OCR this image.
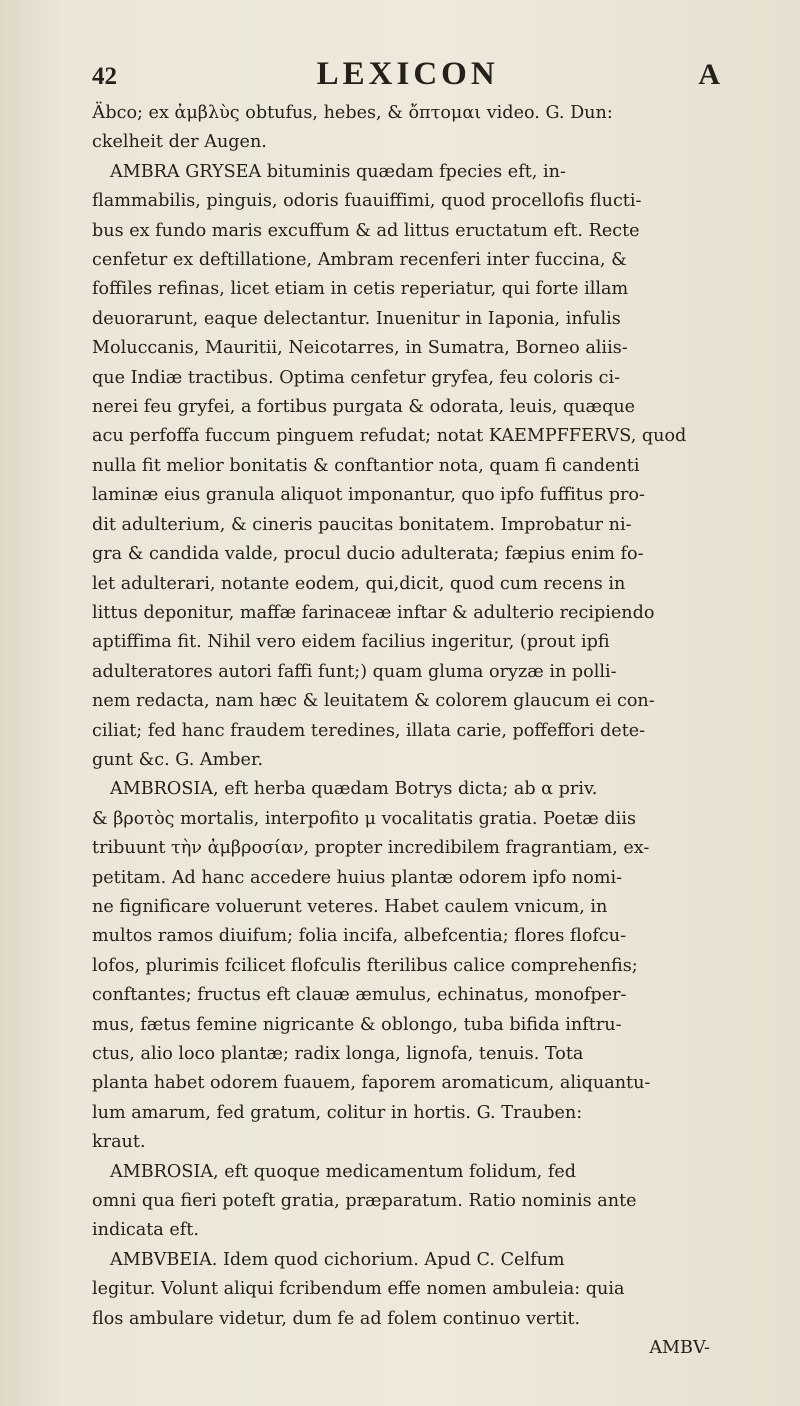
42	LEXICON	A
Ӓbco; ex ἀμβλὺς obtufus, hebes, & ὄπτομαι video. G. Dun:
ckelheit der Augen.
AMBRA GRYSEA bituminis quædam fpecies eft, in-
flammabilis, pinguis, odoris fuauiffimi, quod procellofis flucti-
bus ex fundo maris excuffum & ad littus eructatum eft. Recte
cenfetur ex deftillatione, Ambram recenferi inter fuccina, &
foffiles refinas, licet etiam in cetis reperiatur, qui forte illam
deuorarunt, eaque delectantur. Inuenitur in Iaponia, infulis
Moluccanis, Mauritii, Neicotarres, in Sumatra, Borneo aliis-
que Indiæ tractibus. Optima cenfetur gryfea, feu coloris ci-
nerei feu gryfei, a fortibus purgata & odorata, leuis, quæque
acu perfoffa fuccum pinguem refudat; notat KAEMPFFERVS, quod
nulla fit melior bonitatis & conftantior nota, quam fi candenti
laminæ eius granula aliquot imponantur, quo ipfo fuffitus pro-
dit adulterium, & cineris paucitas bonitatem. Improbatur ni-
gra & candida valde, procul ducio adulterata; fæpius enim fo-
let adulterari, notante eodem, qui,dicit, quod cum recens in
littus deponitur, maffæ farinaceæ inftar & adulterio recipiendo
aptiffima fit. Nihil vero eidem facilius ingeritur, (prout ipfi
adulteratores autori faffi funt;) quam gluma oryzæ in polli-
nem redacta, nam hæc & leuitatem & colorem glaucum ei con-
ciliat; fed hanc fraudem teredines, illata carie, poffeffori dete-
gunt &c. G. Amber.
AMBROSIA, eft herba quædam Botrys dicta; ab α priv.
& βροτὸς mortalis, interpofito μ vocalitatis gratia. Poetæ diis
tribuunt τὴν ἀμβροσίαν, propter incredibilem fragrantiam, ex-
petitam. Ad hanc accedere huius plantæ odorem ipfo nomi-
ne fignificare voluerunt veteres. Habet caulem vnicum, in
multos ramos diuifum; folia incifa, albefcentia; flores flofcu-
lofos, plurimis fcilicet flofculis fterilibus calice comprehenfis;
conftantes; fructus eft clauæ æmulus, echinatus, monofper-
mus, fætus femine nigricante & oblongo, tuba bifida inftru-
ctus, alio loco plantæ; radix longa, lignofa, tenuis. Tota
planta habet odorem fuauem, faporem aromaticum, aliquantu-
lum amarum, fed gratum, colitur in hortis. G. Trauben:
kraut.
AMBROSIA, eft quoque medicamentum folidum, fed
omni qua fieri poteft gratia, præparatum. Ratio nominis ante
indicata eft.
AMBVBEIA. Idem quod cichorium. Apud C. Celfum
legitur. Volunt aliqui fcribendum effe nomen ambuleia: quia
flos ambulare videtur, dum fe ad folem continuo vertit.
AMBV-
